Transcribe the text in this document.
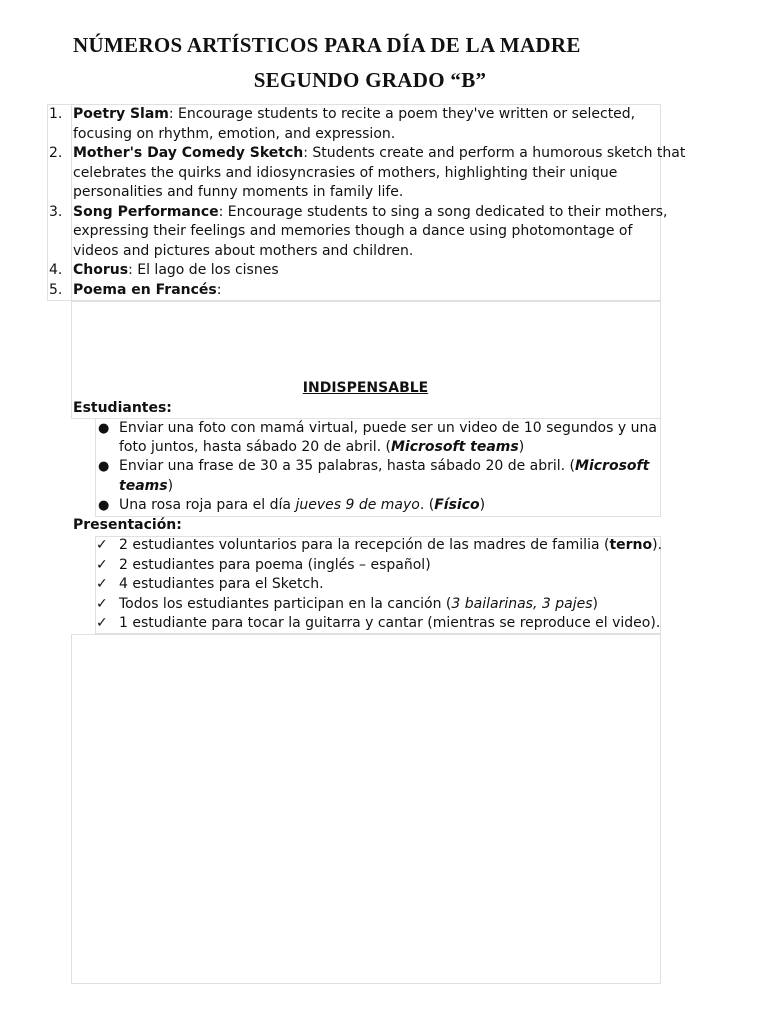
NÚMEROS ARTÍSTICOS PARA DÍA DE LA MADRE
SEGUNDO GRADO “B”
1. Poetry Slam: Encourage students to recite a poem they've written or selected,
focusing on rhythm, emotion, and expression.
2. Mother's Day Comedy Sketch: Students create and perform a humorous sketch that
celebrates the quirks and idiosyncrasies of mothers, highlighting their unique
personalities and funny moments in family life.
3. Song Performance: Encourage students to sing a song dedicated to their mothers,
expressing their feelings and memories though a dance using photomontage of
videos and pictures about mothers and children.
4. Chorus: El lago de los cisnes
5. Poema en Francés:
INDISPENSABLE
Estudiantes:
● Enviar una foto con mamá virtual, puede ser un video de 10 segundos y una
foto juntos, hasta sábado 20 de abril. (Microsoft teams)
● Enviar una frase de 30 a 35 palabras, hasta sábado 20 de abril. (Microsoft
teams)
● Una rosa roja para el día jueves 9 de mayo. (Físico)
Presentación:
✓ 2 estudiantes voluntarios para la recepción de las madres de familia (terno).
✓ 2 estudiantes para poema (inglés – español)
✓ 4 estudiantes para el Sketch.
✓ Todos los estudiantes participan en la canción (3 bailarinas, 3 pajes)
✓ 1 estudiante para tocar la guitarra y cantar (mientras se reproduce el video).
